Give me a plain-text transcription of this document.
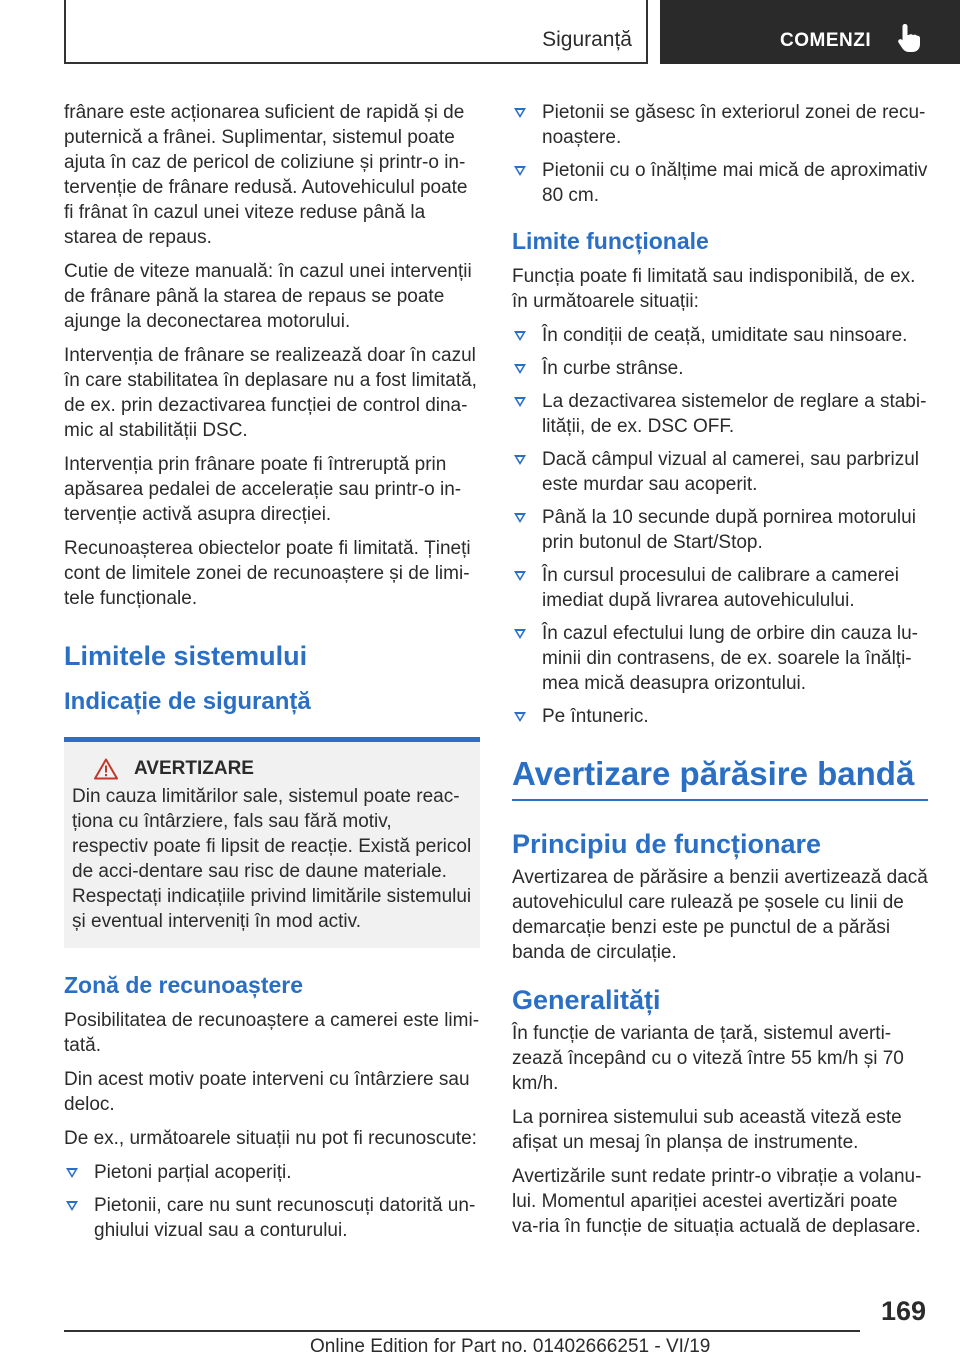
Siguranță	COMENZI

frânare este acționarea suficient de rapidă și de puternică a frânei. Suplimentar, sistemul poate ajuta în caz de pericol de coliziune și printr-o in-tervenție de frânare redusă. Autovehiculul poate fi frânat în cazul unei viteze reduse până la starea de repaus.

Cutie de viteze manuală: în cazul unei intervenții de frânare până la starea de repaus se poate ajunge la deconectarea motorului.

Intervenția de frânare se realizează doar în cazul în care stabilitatea în deplasare nu a fost limitată, de ex. prin dezactivarea funcției de control dina-mic al stabilității DSC.

Intervenția prin frânare poate fi întreruptă prin apăsarea pedalei de accelerație sau printr-o in-tervenție activă asupra direcției.

Recunoașterea obiectelor poate fi limitată. Țineți cont de limitele zonei de recunoaștere și de limi-tele funcționale.

Limitele sistemului
Indicație de siguranță
AVERTIZARE

Din cauza limitărilor sale, sistemul poate reac-ționa cu întârziere, fals sau fără motiv, respectiv poate fi lipsit de reacție. Există pericol de acci-dentare sau risc de daune materiale. Respectați indicațiile privind limitările sistemului și eventual interveniți în mod activ.

Zonă de recunoaștere

Posibilitatea de recunoaștere a camerei este limi-tată.

Din acest motiv poate interveni cu întârziere sau deloc.

De ex., următoarele situații nu pot fi recunoscute:

Pietoni parțial acoperiți.
Pietonii, care nu sunt recunoscuți datorită un-ghiului vizual sau a conturului.
Pietonii se găsesc în exteriorul zonei de recu-noaștere.
Pietonii cu o înălțime mai mică de aproximativ 80 cm.
Limite funcționale

Funcția poate fi limitată sau indisponibilă, de ex. în următoarele situații:

În condiții de ceață, umiditate sau ninsoare.
În curbe strânse.
La dezactivarea sistemelor de reglare a stabi-lității, de ex. DSC OFF.
Dacă câmpul vizual al camerei, sau parbrizul este murdar sau acoperit.
Până la 10 secunde după pornirea motorului prin butonul de Start/Stop.
În cursul procesului de calibrare a camerei imediat după livrarea autovehiculului.
În cazul efectului lung de orbire din cauza lu-minii din contrasens, de ex. soarele la înălți-mea mică deasupra orizontului.
Pe întuneric.
Avertizare părăsire bandă
Principiu de funcționare

Avertizarea de părăsire a benzii avertizează dacă autovehiculul care rulează pe șosele cu linii de demarcație benzi este pe punctul de a părăsi banda de circulație.

Generalități

În funcție de varianta de țară, sistemul averti-zează începând cu o viteză între 55 km/h și 70 km/h.

La pornirea sistemului sub această viteză este afișat un mesaj în planșa de instrumente.

Avertizările sunt redate printr-o vibrație a volanu-lui. Momentul apariției acestei avertizări poate va-ria în funcție de situația actuală de deplasare.

169
Online Edition for Part no. 01402666251 - VI/19
